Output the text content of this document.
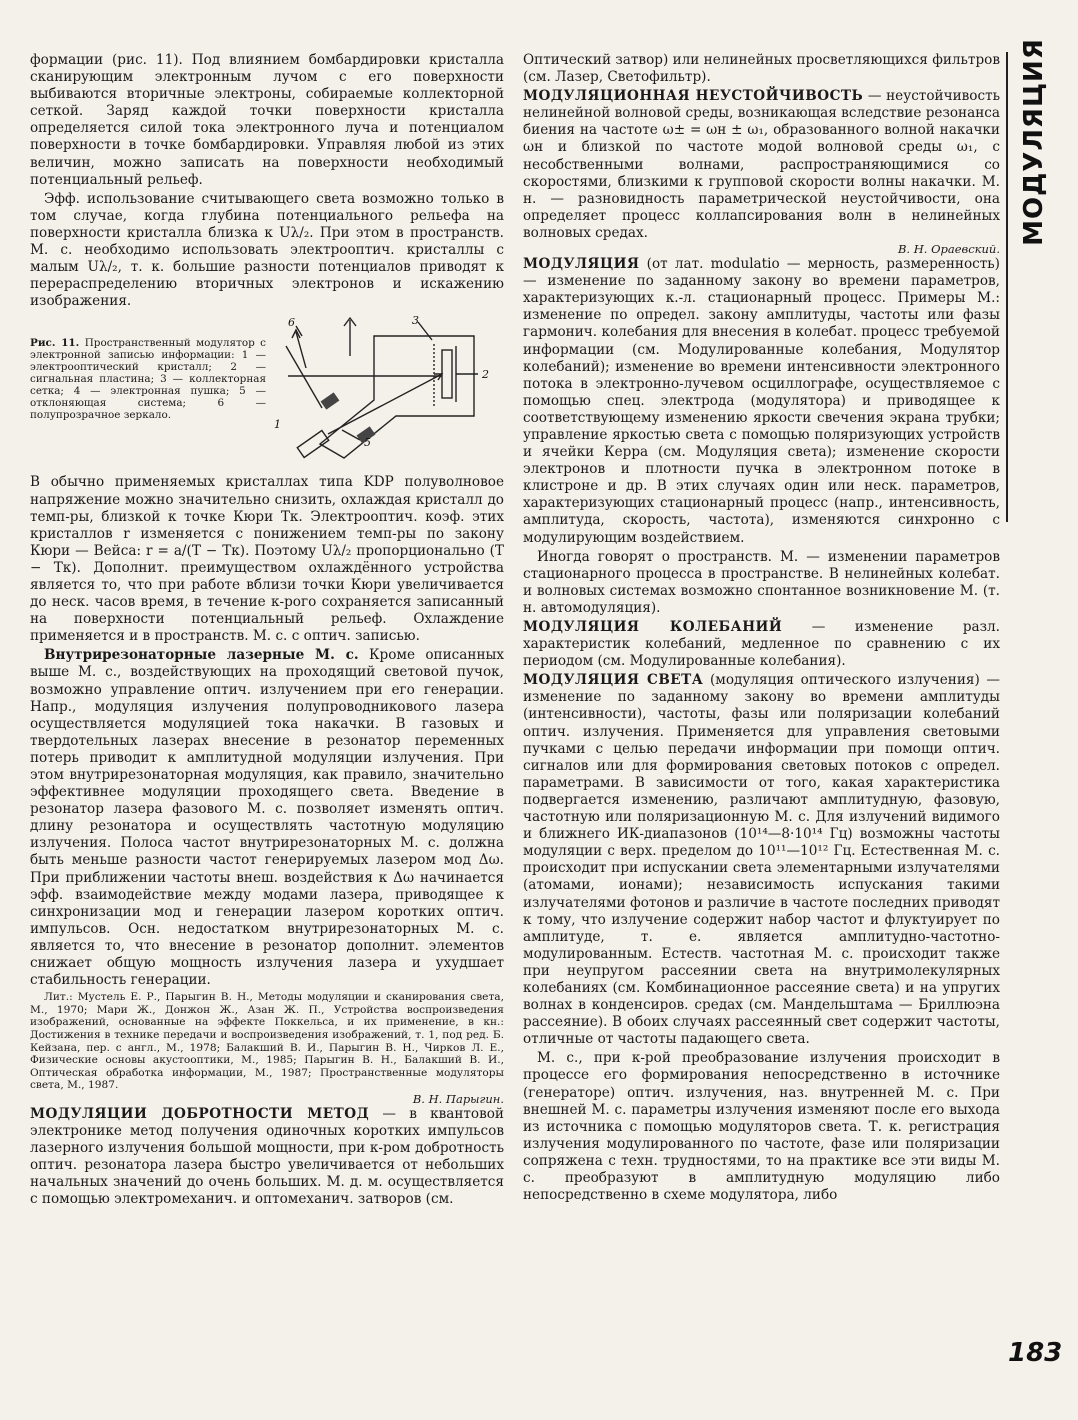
МОДУЛЯЦИЯ

формации (рис. 11). Под влиянием бомбардировки кристалла сканирующим электронным лучом с его поверхности выбиваются вторичные электроны, собираемые коллекторной сеткой. Заряд каждой точки поверхности кристалла определяется силой тока электронного луча и потенциалом поверхности в точке бомбардировки. Управляя любой из этих величин, можно записать на поверхности необходимый потенциальный рельеф.

Эфф. использование считывающего света возможно только в том случае, когда глубина потенциального рельефа на поверхности кристалла близка к Uλ/₂. При этом в пространств. М. с. необходимо использовать электрооптич. кристаллы с малым Uλ/₂, т. к. большие разности потенциалов приводят к перераспределению вторичных электронов и искажению изображения.

Рис. 11. Пространственный модулятор с электронной записью информации: 1 — электрооптический кристалл; 2 — сигнальная пластина; 3 — коллекторная сетка; 4 — электронная пушка; 5 — отклоняющая система; 6 — полупрозрачное зеркало.
1
2
3
5
6

В обычно применяемых кристаллах типа KDP полуволновое напряжение можно значительно снизить, охлаждая кристалл до темп-ры, близкой к точке Кюри Tк. Электрооптич. коэф. этих кристаллов r изменяется с понижением темп-ры по закону Кюри — Вейса: r = a/(T − Tк). Поэтому Uλ/₂ пропорционально (T − Tк). Дополнит. преимуществом охлаждённого устройства является то, что при работе вблизи точки Кюри увеличивается до неск. часов время, в течение к-рого сохраняется записанный на поверхности потенциальный рельеф. Охлаждение применяется и в пространств. М. с. с оптич. записью.

Внутрирезонаторные лазерные М. с. Кроме описанных выше М. с., воздействующих на проходящий световой пучок, возможно управление оптич. излучением при его генерации. Напр., модуляция излучения полупроводникового лазера осуществляется модуляцией тока накачки. В газовых и твердотельных лазерах внесение в резонатор переменных потерь приводит к амплитудной модуляции излучения. При этом внутрирезонаторная модуляция, как правило, значительно эффективнее модуляции проходящего света. Введение в резонатор лазера фазового М. с. позволяет изменять оптич. длину резонатора и осуществлять частотную модуляцию излучения. Полоса частот внутрирезонаторных М. с. должна быть меньше разности частот генерируемых лазером мод Δω. При приближении частоты внеш. воздействия к Δω начинается эфф. взаимодействие между модами лазера, приводящее к синхронизации мод и генерации лазером коротких оптич. импульсов. Осн. недостатком внутрирезонаторных М. с. является то, что внесение в резонатор дополнит. элементов снижает общую мощность излучения лазера и ухудшает стабильность генерации.

Лит.: Мустель Е. Р., Парыгин В. Н., Методы модуляции и сканирования света, М., 1970; Мари Ж., Донжон Ж., Азан Ж. П., Устройства воспроизведения изображений, основанные на эффекте Поккельса, и их применение, в кн.: Достижения в технике передачи и воспроизведения изображений, т. 1, под ред. Б. Кейзана, пер. с англ., М., 1978; Балакший В. И., Парыгин В. Н., Чирков Л. Е., Физические основы акустооптики, М., 1985; Парыгин В. Н., Балакший В. И., Оптическая обработка информации, М., 1987; Пространственные модуляторы света, М., 1987.

В. Н. Парыгин.

МОДУЛЯЦИИ ДОБРОТНОСТИ МЕТОД — в квантовой электронике метод получения одиночных коротких импульсов лазерного излучения большой мощности, при к-ром добротность оптич. резонатора лазера быстро увеличивается от небольших начальных значений до очень больших. М. д. м. осуществляется с помощью электромеханич. и оптомеханич. затворов (см.

Оптический затвор) или нелинейных просветляющихся фильтров (см. Лазер, Светофильтр).

МОДУЛЯЦИОННАЯ НЕУСТОЙЧИВОСТЬ — неустойчивость нелинейной волновой среды, возникающая вследствие резонанса биения на частоте ω± = ωн ± ω₁, образованного волной накачки ωн и близкой по частоте модой волновой среды ω₁, с несобственными волнами, распространяющимися со скоростями, близкими к групповой скорости волны накачки. М. н. — разновидность параметрической неустойчивости, она определяет процесс коллапсирования волн в нелинейных волновых средах.

В. Н. Ораевский.

МОДУЛЯЦИЯ (от лат. modulatio — мерность, размеренность) — изменение по заданному закону во времени параметров, характеризующих к.-л. стационарный процесс. Примеры М.: изменение по определ. закону амплитуды, частоты или фазы гармонич. колебания для внесения в колебат. процесс требуемой информации (см. Модулированные колебания, Модулятор колебаний); изменение во времени интенсивности электронного потока в электронно-лучевом осциллографе, осуществляемое с помощью спец. электрода (модулятора) и приводящее к соответствующему изменению яркости свечения экрана трубки; управление яркостью света с помощью поляризующих устройств и ячейки Керра (см. Модуляция света); изменение скорости электронов и плотности пучка в электронном потоке в клистроне и др. В этих случаях один или неск. параметров, характеризующих стационарный процесс (напр., интенсивность, амплитуда, скорость, частота), изменяются синхронно с модулирующим воздействием.

Иногда говорят о пространств. М. — изменении параметров стационарного процесса в пространстве. В нелинейных колебат. и волновых системах возможно спонтанное возникновение М. (т. н. автомодуляция).

МОДУЛЯЦИЯ КОЛЕБАНИЙ — изменение разл. характеристик колебаний, медленное по сравнению с их периодом (см. Модулированные колебания).

МОДУЛЯЦИЯ СВЕТА (модуляция оптического излучения) — изменение по заданному закону во времени амплитуды (интенсивности), частоты, фазы или поляризации колебаний оптич. излучения. Применяется для управления световыми пучками с целью передачи информации при помощи оптич. сигналов или для формирования световых потоков с определ. параметрами. В зависимости от того, какая характеристика подвергается изменению, различают амплитудную, фазовую, частотную или поляризационную М. с. Для излучений видимого и ближнего ИК-диапазонов (10¹⁴—8·10¹⁴ Гц) возможны частоты модуляции с верх. пределом до 10¹¹—10¹² Гц. Естественная М. с. происходит при испускании света элементарными излучателями (атомами, ионами); независимость испускания такими излучателями фотонов и различие в частоте последних приводят к тому, что излучение содержит набор частот и флуктуирует по амплитуде, т. е. является амплитудно-частотно-модулированным. Естеств. частотная М. с. происходит также при неупругом рассеянии света на внутримолекулярных колебаниях (см. Комбинационное рассеяние света) и на упругих волнах в конденсиров. средах (см. Мандельштама — Бриллюэна рассеяние). В обоих случаях рассеянный свет содержит частоты, отличные от частоты падающего света.

М. с., при к-рой преобразование излучения происходит в процессе его формирования непосредственно в источнике (генераторе) оптич. излучения, наз. внутренней М. с. При внешней М. с. параметры излучения изменяют после его выхода из источника с помощью модуляторов света. Т. к. регистрация излучения модулированного по частоте, фазе или поляризации сопряжена с техн. трудностями, то на практике все эти виды М. с. преобразуют в амплитудную модуляцию либо непосредственно в схеме модулятора, либо

183
